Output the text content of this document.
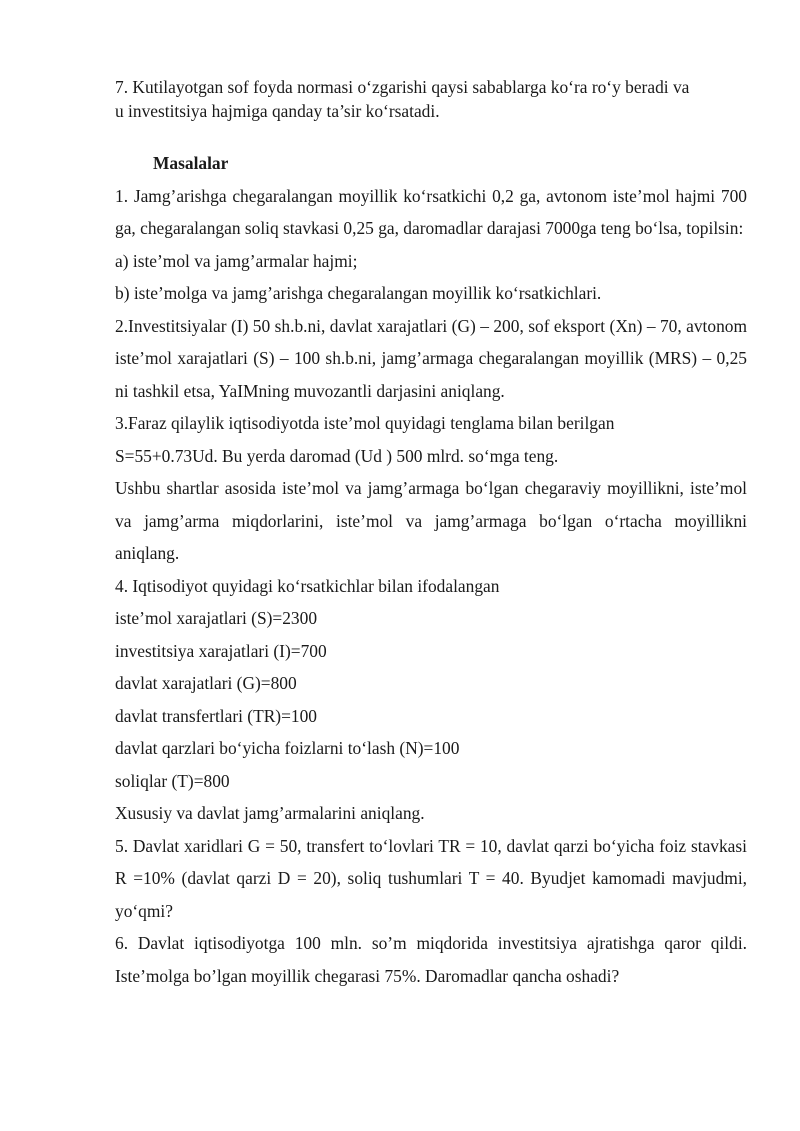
7. Kutilayotgan sof foyda normasi o‘zgarishi qaysi sabablarga ko‘ra ro‘y beradi va

u investitsiya hajmiga qanday ta’sir ko‘rsatadi.

Masalalar

1. Jamg’arishga chegaralangan moyillik ko‘rsatkichi 0,2 ga, avtonom iste’mol hajmi 700 ga, chegaralangan soliq stavkasi 0,25 ga, daromadlar darajasi 7000ga teng bo‘lsa, topilsin:

a) iste’mol va jamg’armalar hajmi;

b) iste’molga va jamg’arishga chegaralangan moyillik ko‘rsatkichlari.

2.Investitsiyalar (I) 50 sh.b.ni, davlat xarajatlari (G) – 200, sof eksport (Xn) – 70, avtonom iste’mol xarajatlari (S) – 100 sh.b.ni, jamg’armaga chegaralangan moyillik (MRS) – 0,25 ni tashkil etsa, YaIMning muvozantli darjasini aniqlang.

3.Faraz qilaylik iqtisodiyotda iste’mol quyidagi tenglama bilan berilgan

S=55+0.73Ud. Bu yerda daromad (Ud ) 500 mlrd. so‘mga teng.

Ushbu shartlar asosida iste’mol va jamg’armaga bo‘lgan chegaraviy moyillikni, iste’mol va jamg’arma miqdorlarini, iste’mol va jamg’armaga bo‘lgan o‘rtacha moyillikni aniqlang.

4. Iqtisodiyot quyidagi ko‘rsatkichlar bilan ifodalangan

iste’mol xarajatlari (S)=2300

investitsiya xarajatlari (I)=700

davlat xarajatlari (G)=800

davlat transfertlari (TR)=100

davlat qarzlari bo‘yicha foizlarni to‘lash (N)=100

soliqlar (T)=800

Xususiy va davlat jamg’armalarini aniqlang.

5. Davlat xaridlari G = 50, transfert to‘lovlari TR = 10, davlat qarzi bo‘yicha foiz stavkasi R =10% (davlat qarzi D = 20), soliq tushumlari T = 40. Byudjet kamomadi mavjudmi, yo‘qmi?

6. Davlat iqtisodiyotga 100 mln. so’m miqdorida investitsiya ajratishga qaror qildi. Iste’molga bo’lgan moyillik chegarasi 75%. Daromadlar qancha oshadi?
